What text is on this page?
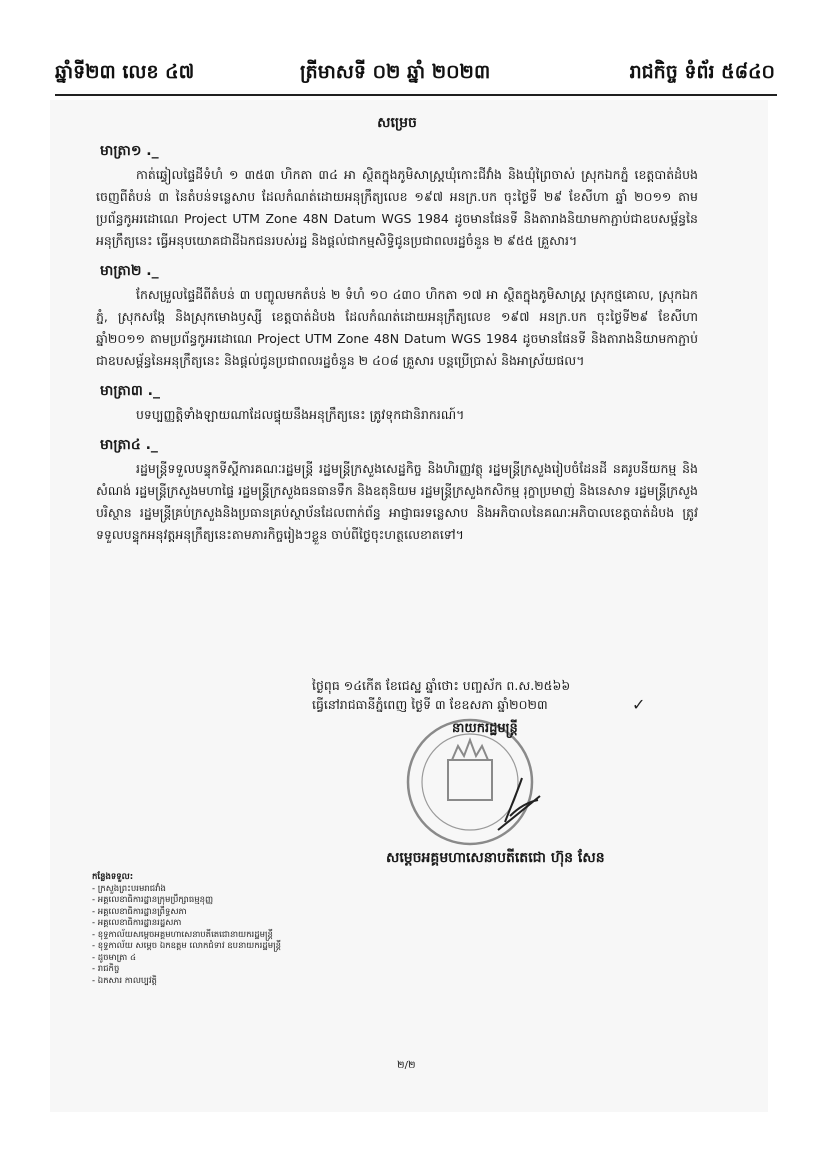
ឆ្នាំទី២៣ លេខ ៤៧	ត្រីមាសទី ០២ ឆ្នាំ ២០២៣	រាជកិច្ច ទំព័រ ៥៨៤០
សម្រេច
មាត្រា១ ._

កាត់ឆ្វៀលផ្ទៃដីទំហំ ១ ៣៥៣ ហិកតា ៣៤ អា ស្ថិតក្នុងភូមិសាស្ត្រឃុំកោះជីវាំង និងឃុំព្រៃចាស់ ស្រុកឯកភ្នំ ខេត្តបាត់ដំបង ចេញពីតំបន់ ៣ នៃតំបន់ទន្លេសាប ដែលកំណត់ដោយអនុក្រឹត្យលេខ ១៩៧ អនក្រ.បក ចុះថ្ងៃទី ២៩ ខែសីហា ឆ្នាំ ២០១១ តាមប្រព័ន្ធកូអរដោណេ Project UTM Zone 48N Datum WGS 1984 ដូចមានផែនទី និងតារាងនិយាមកាភ្ជាប់ជាឧបសម្ព័ន្ធនៃអនុក្រឹត្យនេះ ធ្វើអនុបយោគជាដីឯកជនរបស់រដ្ឋ និងផ្តល់ជាកម្មសិទ្ធិជូនប្រជាពលរដ្ឋចំនួន ២ ៩៥៥ គ្រួសារ។

មាត្រា២ ._

កែសម្រួលផ្ទៃដីពីតំបន់ ៣ បញ្ចូលមកតំបន់ ២ ទំហំ ១០ ៤៣០ ហិកតា ១៧ អា ស្ថិតក្នុងភូមិសាស្ត្រ ស្រុកថ្មគោល, ស្រុកឯកភ្នំ, ស្រុកសង្កែ និងស្រុកមោងឫស្សី ខេត្តបាត់ដំបង ដែលកំណត់ដោយអនុក្រឹត្យលេខ ១៩៧ អនក្រ.បក ចុះថ្ងៃទី២៩ ខែសីហា ឆ្នាំ២០១១ តាមប្រព័ន្ធកូអរដោណេ Project UTM Zone 48N Datum WGS 1984 ដូចមានផែនទី និងតារាងនិយាមកាភ្ជាប់ជាឧបសម្ព័ន្ធនៃអនុក្រឹត្យនេះ និងផ្តល់ជូនប្រជាពលរដ្ឋចំនួន ២ ៤០៨ គ្រួសារ បន្តប្រើប្រាស់ និងអាស្រ័យផល។

មាត្រា៣ ._

បទប្បញ្ញត្តិទាំងឡាយណាដែលផ្ទុយនឹងអនុក្រឹត្យនេះ ត្រូវទុកជានិរាករណ៍។

មាត្រា៤ ._

រដ្ឋមន្ត្រីទទួលបន្ទុកទីស្តីការគណៈរដ្ឋមន្ត្រី រដ្ឋមន្ត្រីក្រសួងសេដ្ឋកិច្ច និងហិរញ្ញវត្ថុ រដ្ឋមន្ត្រីក្រសួងរៀបចំដែនដី នគរូបនីយកម្ម និងសំណង់ រដ្ឋមន្ត្រីក្រសួងមហាផ្ទៃ រដ្ឋមន្ត្រីក្រសួងធនធានទឹក និងឧតុនិយម រដ្ឋមន្ត្រីក្រសួងកសិកម្ម រុក្ខាប្រមាញ់ និងនេសាទ រដ្ឋមន្ត្រីក្រសួងបរិស្ថាន រដ្ឋមន្ត្រីគ្រប់ក្រសួងនិងប្រធានគ្រប់ស្ថាប័នដែលពាក់ព័ន្ធ អាជ្ញាធរទន្លេសាប និងអភិបាលនៃគណៈអភិបាលខេត្តបាត់ដំបង ត្រូវទទួលបន្ទុកអនុវត្តអនុក្រឹត្យនេះតាមភារកិច្ចរៀងៗខ្លួន ចាប់ពីថ្ងៃចុះហត្ថលេខាតទៅ។

ថ្ងៃពុធ ១៤កើត ខែជេស្ឋ ឆ្នាំថោះ បញ្ចស័ក ព.ស.២៥៦៦
ធ្វើនៅរាជធានីភ្នំពេញ ថ្ងៃទី ៣ ខែឧសភា ឆ្នាំ២០២៣	✓
នាយករដ្ឋមន្ត្រី
សម្តេចអគ្គមហាសេនាបតីតេជោ ហ៊ុន សែន
កន្លែងទទួល:
- ក្រសួងព្រះបរមរាជវាំង
- អគ្គលេខាធិការដ្ឋានក្រុមប្រឹក្សាធម្មនុញ្ញ
- អគ្គលេខាធិការដ្ឋានព្រឹទ្ធសភា
- អគ្គលេខាធិការដ្ឋានរដ្ឋសភា
- ខុទ្ទកាល័យសម្តេចអគ្គមហាសេនាបតីតេជោនាយករដ្ឋមន្ត្រី
- ខុទ្ទកាល័យ សម្តេច ឯកឧត្តម លោកជំទាវ ឧបនាយករដ្ឋមន្ត្រី
- ដូចមាត្រា ៤
- រាជកិច្ច
- ឯកសារ កាលប្បវត្តិ
២/២
